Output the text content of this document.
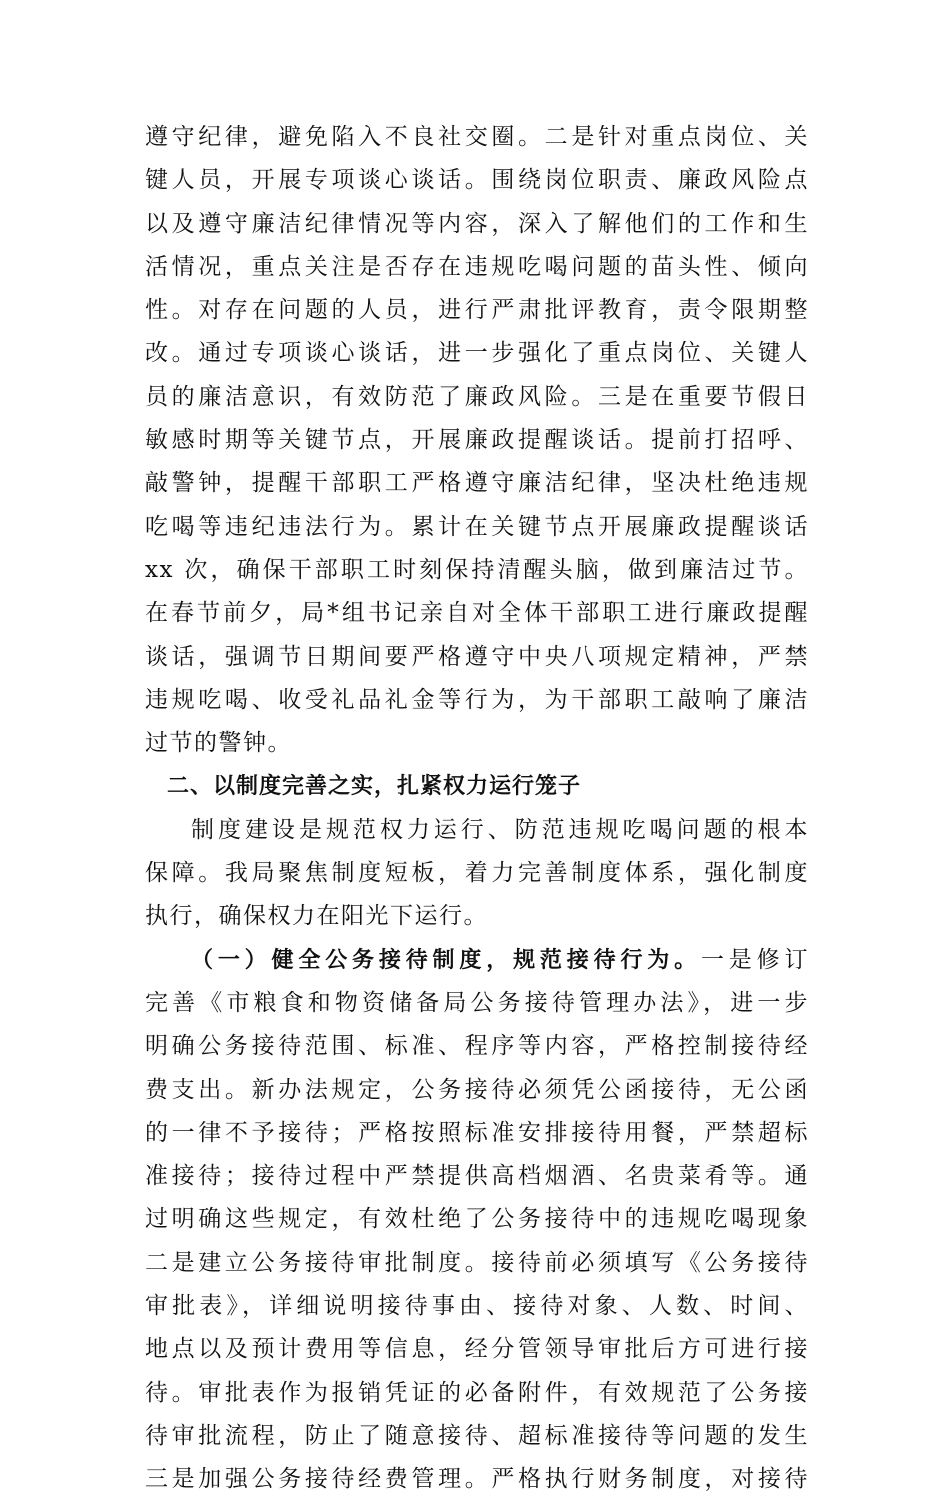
遵守纪律，避免陷入不良社交圈。二是针对重点岗位、关
键人员，开展专项谈心谈话。围绕岗位职责、廉政风险点
以及遵守廉洁纪律情况等内容，深入了解他们的工作和生
活情况，重点关注是否存在违规吃喝问题的苗头性、倾向
性。对存在问题的人员，进行严肃批评教育，责令限期整
改。通过专项谈心谈话，进一步强化了重点岗位、关键人
员的廉洁意识，有效防范了廉政风险。三是在重要节假日
敏感时期等关键节点，开展廉政提醒谈话。提前打招呼、
敲警钟，提醒干部职工严格遵守廉洁纪律，坚决杜绝违规
吃喝等违纪违法行为。累计在关键节点开展廉政提醒谈话
xx 次，确保干部职工时刻保持清醒头脑，做到廉洁过节。
在春节前夕，局*组书记亲自对全体干部职工进行廉政提醒
谈话，强调节日期间要严格遵守中央八项规定精神，严禁
违规吃喝、收受礼品礼金等行为，为干部职工敲响了廉洁
过节的警钟。
二、以制度完善之实，扎紧权力运行笼子
制度建设是规范权力运行、防范违规吃喝问题的根本
保障。我局聚焦制度短板，着力完善制度体系，强化制度
执行，确保权力在阳光下运行。
（一）健全公务接待制度，规范接待行为。一是修订
完善《市粮食和物资储备局公务接待管理办法》，进一步
明确公务接待范围、标准、程序等内容，严格控制接待经
费支出。新办法规定，公务接待必须凭公函接待，无公函
的一律不予接待；严格按照标准安排接待用餐，严禁超标
准接待；接待过程中严禁提供高档烟酒、名贵菜肴等。通
过明确这些规定，有效杜绝了公务接待中的违规吃喝现象
二是建立公务接待审批制度。接待前必须填写《公务接待
审批表》，详细说明接待事由、接待对象、人数、时间、
地点以及预计费用等信息，经分管领导审批后方可进行接
待。审批表作为报销凭证的必备附件，有效规范了公务接
待审批流程，防止了随意接待、超标准接待等问题的发生
三是加强公务接待经费管理。严格执行财务制度，对接待
